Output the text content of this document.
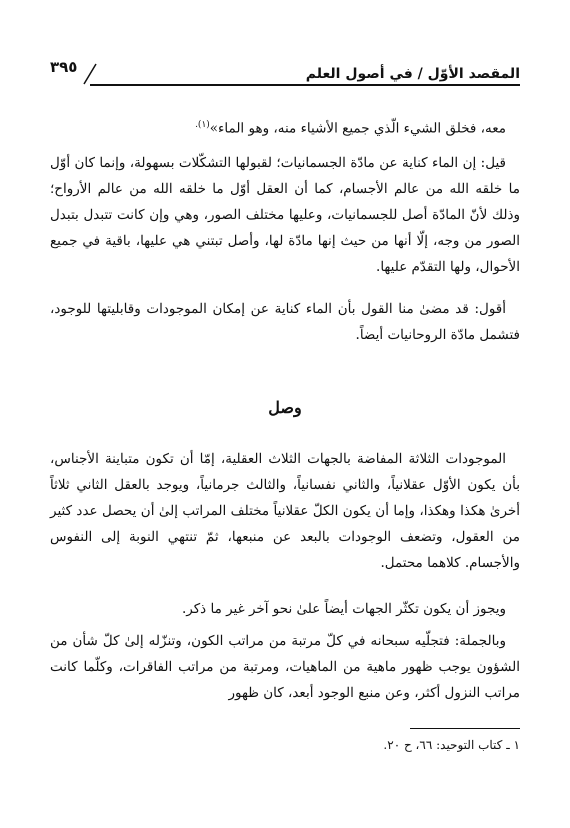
المقصد الأوّل / في أصول العلم
٣٩٥

معه، فخلق الشيء الّذي جميع الأشياء منه، وهو الماء»$^{(١).}$

قيل: إن الماء كناية عن مادّة الجسمانيات؛ لقبولها التشكّلات بسهولة، وإنما كان أوّل ما خلقه الله من عالم الأجسام، كما أن العقل أوّل ما خلقه الله من عالم الأرواح؛ وذلك لأنّ المادّة أصل للجسمانيات، وعليها مختلف الصور، وهي وإن كانت تتبدل بتبدل الصور من وجه، إلّا أنها من حيث إنها مادّة لها، وأصل تبتني هي عليها، باقية في جميع الأحوال، ولها التقدّم عليها.

أقول: قد مضىٰ منا القول بأن الماء كناية عن إمكان الموجودات وقابليتها للوجود، فتشمل مادّة الروحانيات أيضاً.

وصل

الموجودات الثلاثة المفاضة بالجهات الثلاث العقلية، إمّا أن تكون متباينة الأجناس، بأن يكون الأوّل عقلانياً، والثاني نفسانياً، والثالث جرمانياً، ويوجد بالعقل الثاني ثلاثاً أخرىٰ هكذا وهكذا، وإما أن يكون الكلّ عقلانياً مختلف المراتب إلىٰ أن يحصل عدد كثير من العقول، وتضعف الوجودات بالبعد عن منبعها، ثمّ تنتهي النوبة إلى النفوس والأجسام. كلاهما محتمل.

ويجوز أن يكون تكثّر الجهات أيضاً علىٰ نحو آخر غير ما ذكر.

وبالجملة: فتجلّيه سبحانه في كلّ مرتبة من مراتب الكون، وتنزّله إلىٰ كلّ شأن من الشؤون يوجب ظهور ماهية من الماهيات، ومرتبة من مراتب الفاقرات، وكلّما كانت مراتب النزول أكثر، وعن منبع الوجود أبعد، كان ظهور

١ ـ كتاب التوحيد: ٦٦، ح ٢٠.
